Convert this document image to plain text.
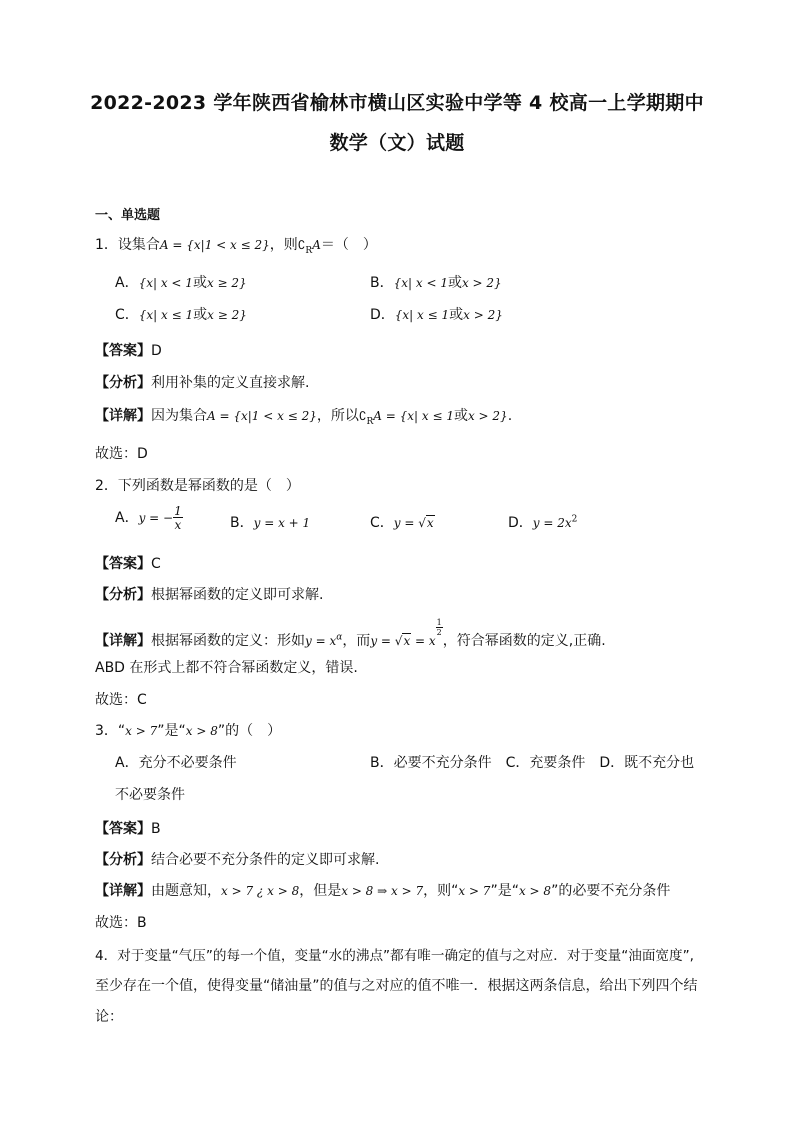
2022-2023 学年陕西省榆林市横山区实验中学等 4 校高一上学期期中
数学（文）试题
一、单选题
1．设集合A = {x|1 < x ≤ 2}，则$∁_RA=$（　）
A．{x| x < 1或x ≥ 2}	B．{x| x < 1或x > 2}
C．{x| x ≤ 1或x ≥ 2}	D．{x| x ≤ 1或x > 2}
【答案】D
【分析】利用补集的定义直接求解.
【详解】因为集合A = {x|1 < x ≤ 2}，所以$∁_RA = \{x|$ x ≤ 1或x > 2}.
故选：D
2．下列函数是幂函数的是（　）
A．y = − $\frac{1}{x}$	B．y = x + 1	C．y = √x	D．$y = 2x^2$
【答案】C
【分析】根据幂函数的定义即可求解.
【详解】根据幂函数的定义：形如$y = x^\alpha$，而y = √x = x
$^{\frac{1}{2}}$
，符合幂函数的定义,正确.
ABD 在形式上都不符合幂函数定义，错误.
故选：C
3．“x > 7”是“x > 8”的（　）
A．充分不必要条件	B．必要不充分条件　C．充要条件　D．既不充分也
不必要条件
【答案】B
【分析】结合必要不充分条件的定义即可求解.
【详解】由题意知，x > 7 ¿ x > 8，但是x > 8 ⇒ x > 7，则“x > 7”是“x > 8”的必要不充分条件
故选：B
4．对于变量“气压”的每一个值，变量“水的沸点”都有唯一确定的值与之对应．对于变量“油面宽度”,
至少存在一个值，使得变量“储油量”的值与之对应的值不唯一．根据这两条信息，给出下列四个结
论：
